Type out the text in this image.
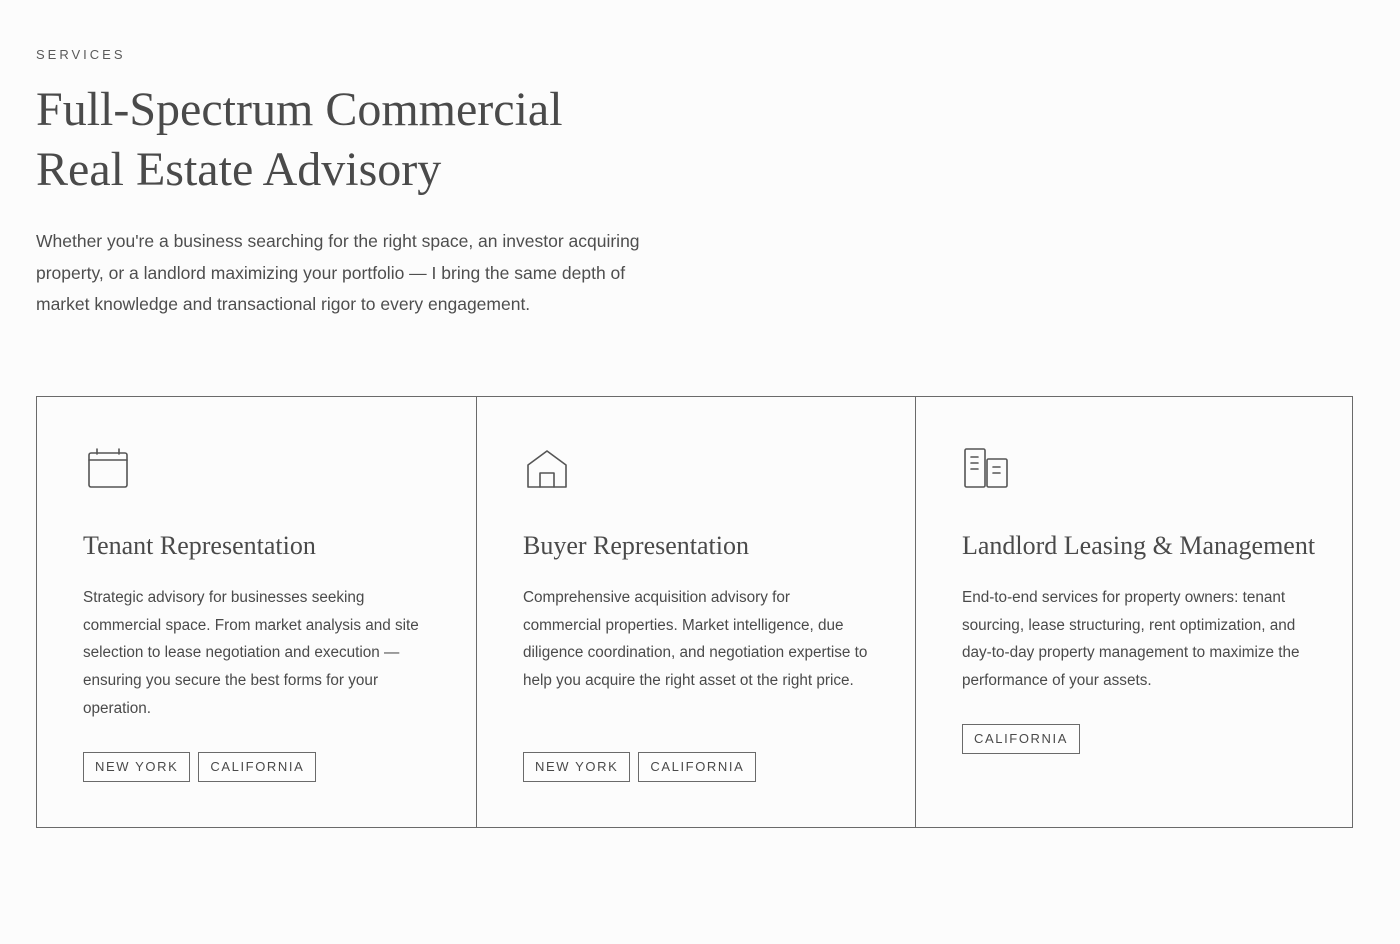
SERVICES

Full-Spectrum Commercial
Real Estate Advisory

Whether you're a business searching for the right space, an investor acquiring property, or a landlord maximizing your portfolio — I bring the same depth of market knowledge and transactional rigor to every engagement.

Tenant Representation

Strategic advisory for businesses seeking commercial space. From market analysis and site selection to lease negotiation and execution — ensuring you secure the best forms for your operation.

NEW YORK	CALIFORNIA
Buyer Representation

Comprehensive acquisition advisory for commercial properties. Market intelligence, due diligence coordination, and negotiation expertise to help you acquire the right asset ot the right price.

NEW YORK	CALIFORNIA
Landlord Leasing & Management

End-to-end services for property owners: tenant sourcing, lease structuring, rent optimization, and day-to-day property management to maximize the performance of your assets.

CALIFORNIA
